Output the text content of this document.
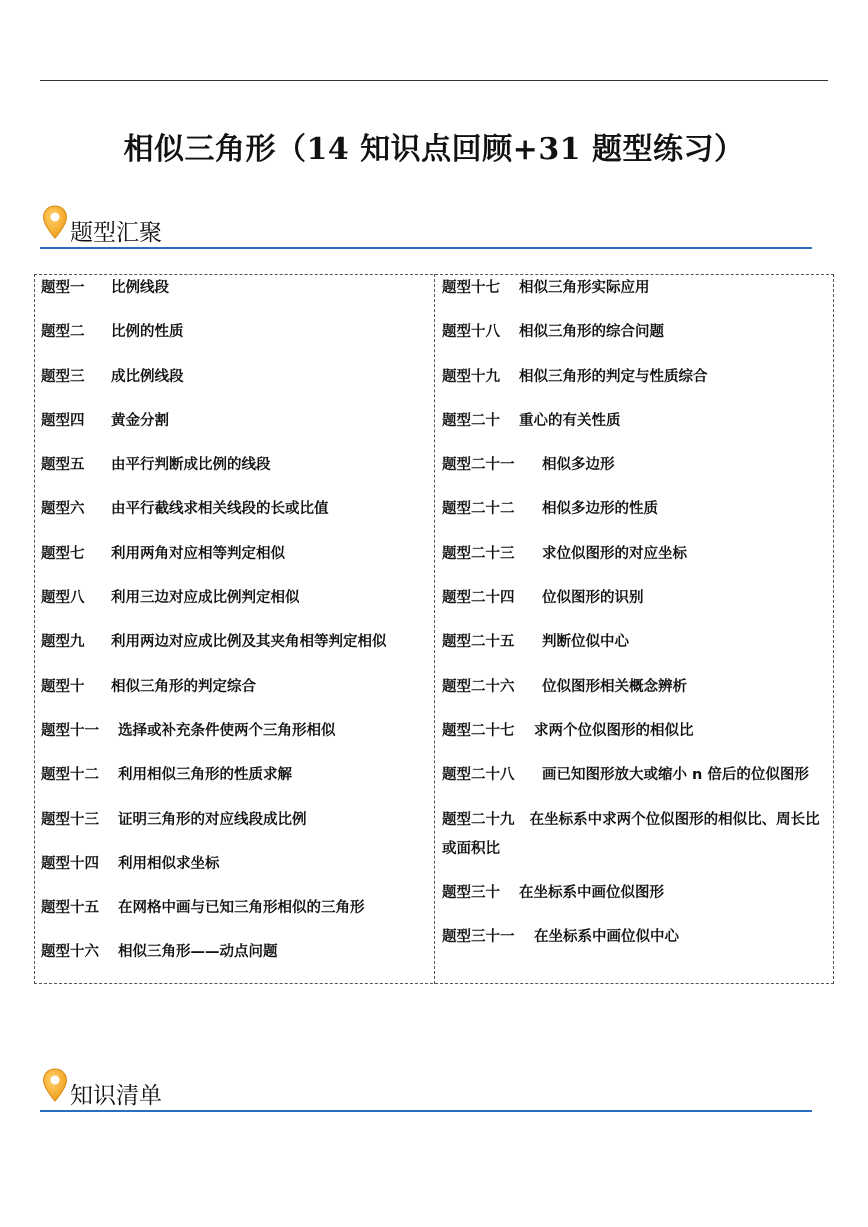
相似三角形（14 知识点回顾+31 题型练习）
题型汇聚
题型一 比例线段
题型二 比例的性质
题型三 成比例线段
题型四 黄金分割
题型五 由平行判断成比例的线段
题型六 由平行截线求相关线段的长或比值
题型七 利用两角对应相等判定相似
题型八 利用三边对应成比例判定相似
题型九 利用两边对应成比例及其夹角相等判定相似
题型十 相似三角形的判定综合
题型十一 选择或补充条件使两个三角形相似
题型十二 利用相似三角形的性质求解
题型十三 证明三角形的对应线段成比例
题型十四 利用相似求坐标
题型十五 在网格中画与已知三角形相似的三角形
题型十六 相似三角形——动点问题
题型十七 相似三角形实际应用
题型十八 相似三角形的综合问题
题型十九 相似三角形的判定与性质综合
题型二十 重心的有关性质
题型二十一 相似多边形
题型二十二 相似多边形的性质
题型二十三 求位似图形的对应坐标
题型二十四 位似图形的识别
题型二十五 判断位似中心
题型二十六 位似图形相关概念辨析
题型二十七 求两个位似图形的相似比
题型二十八 画已知图形放大或缩小 n 倍后的位似图形
题型二十九 在坐标系中求两个位似图形的相似比、周长比或面积比
题型三十 在坐标系中画位似图形
题型三十一 在坐标系中画位似中心
知识清单
